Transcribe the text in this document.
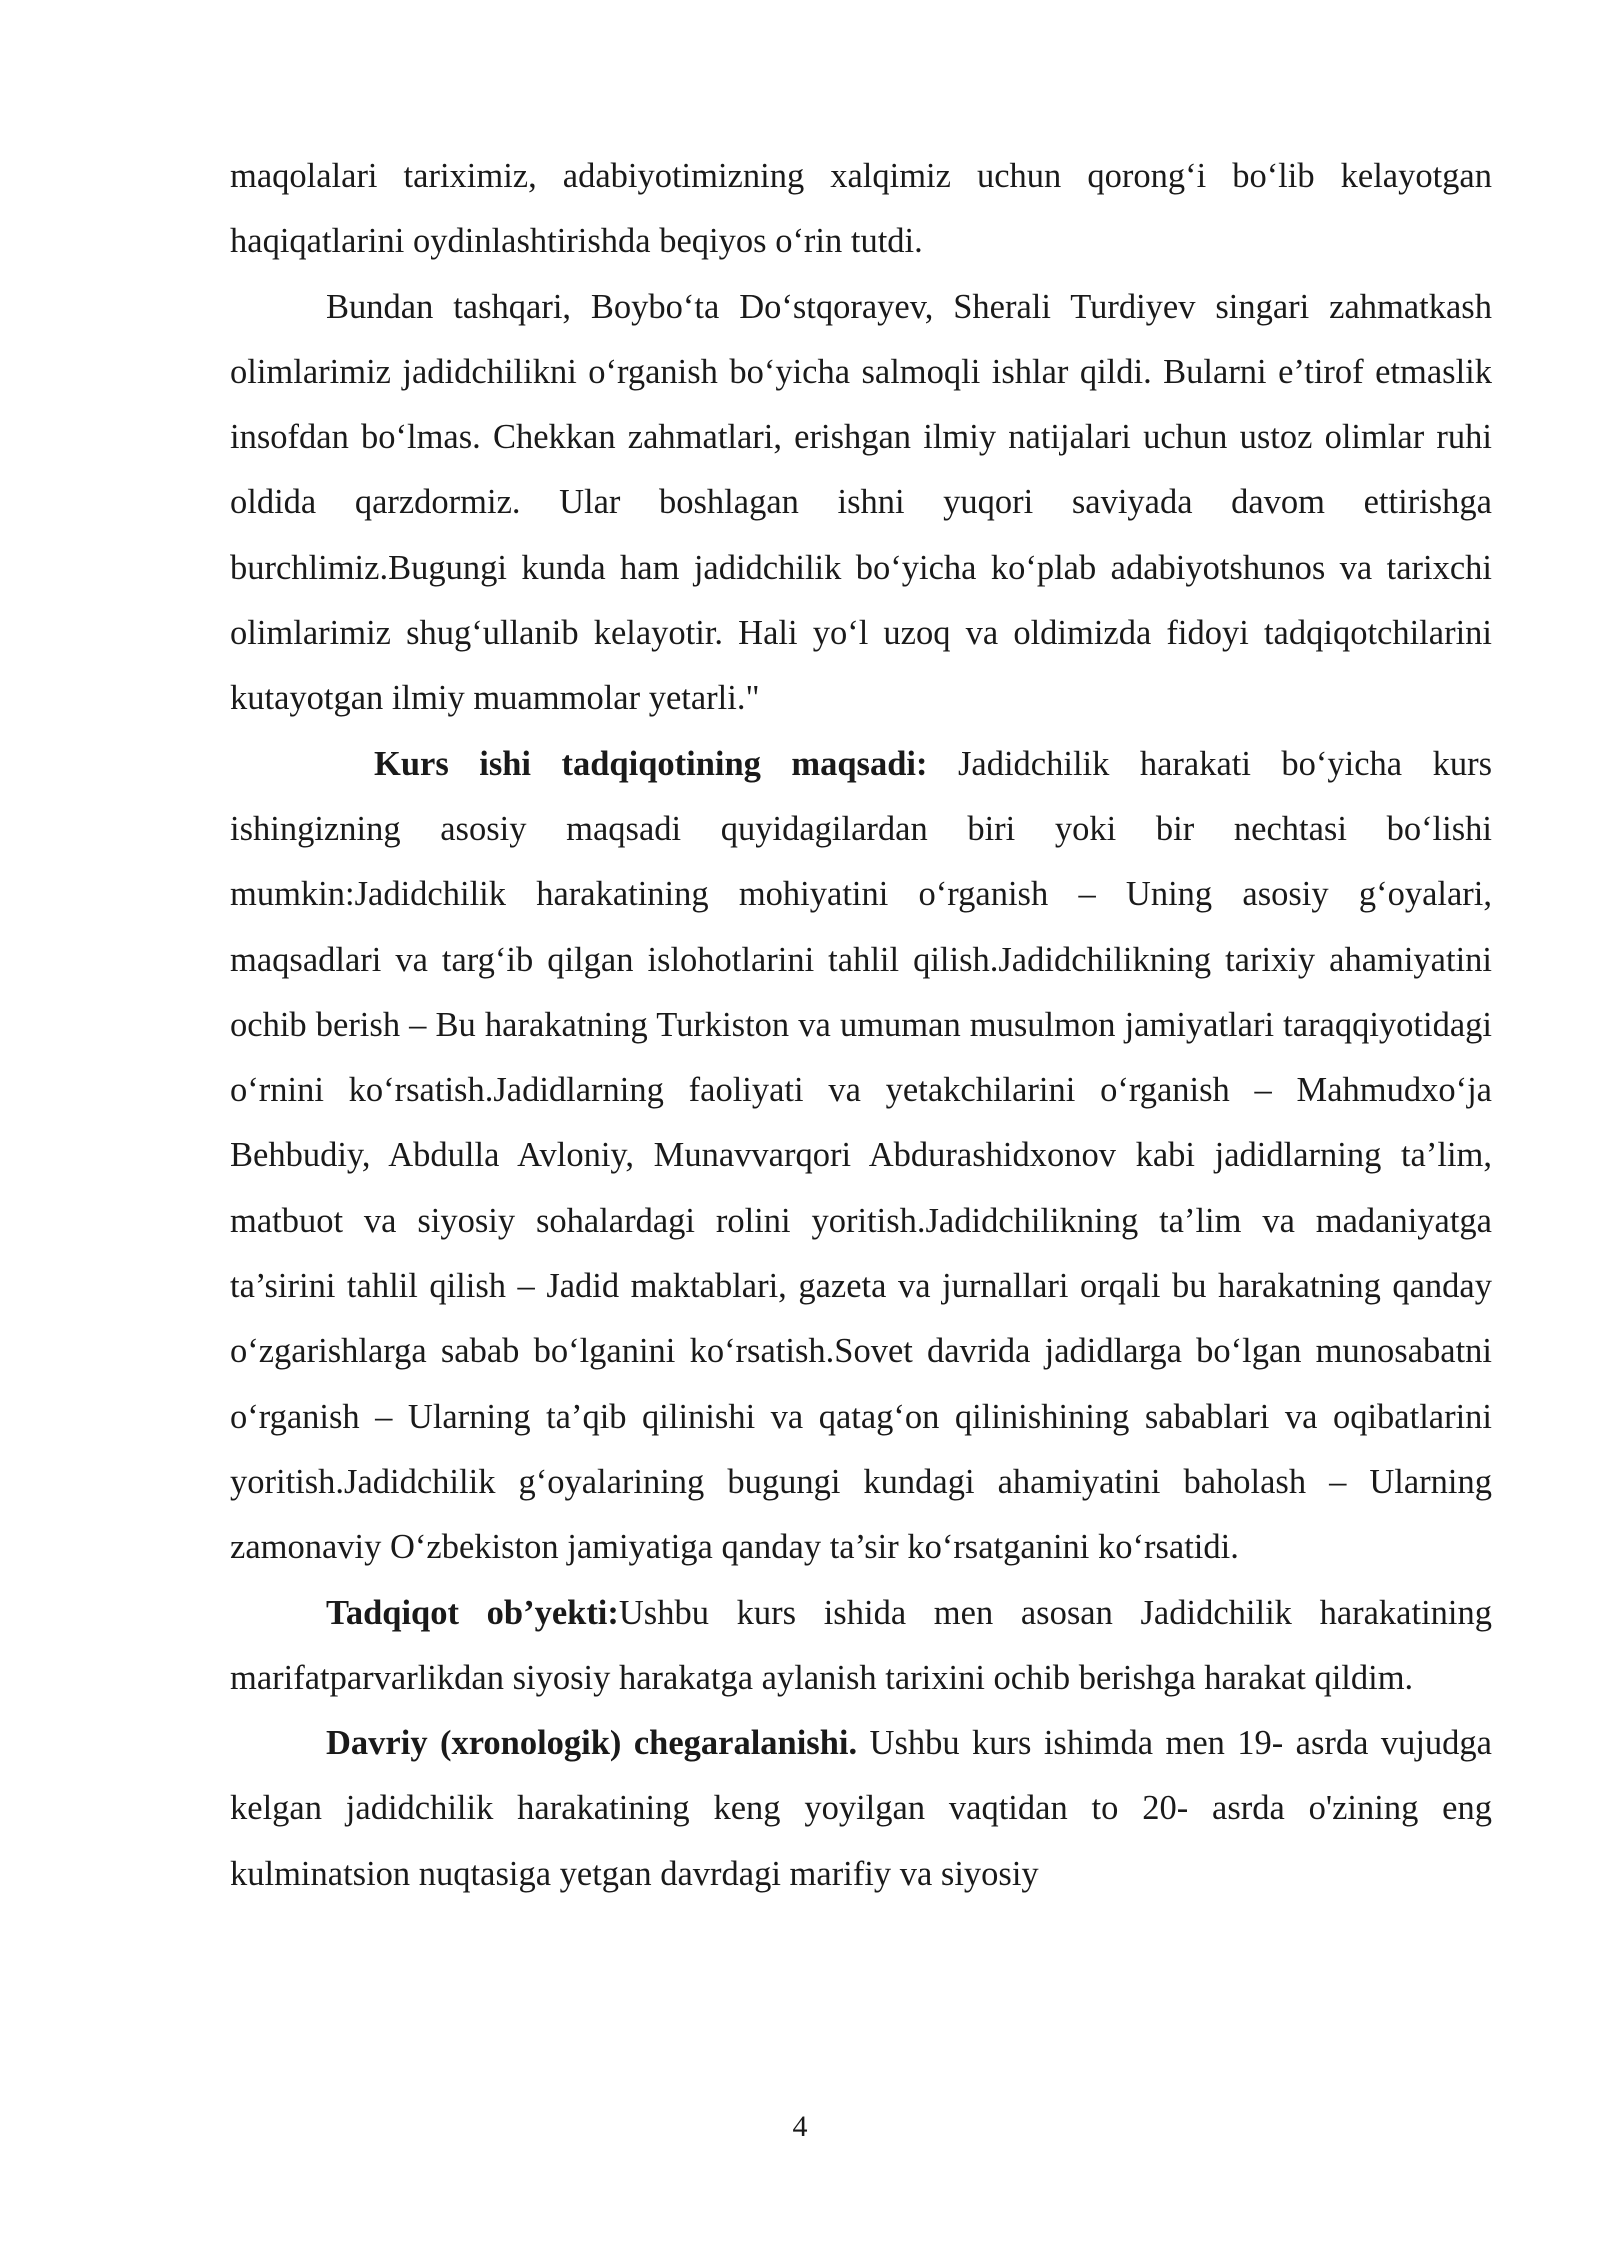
maqolalari tariximiz, adabiyotimizning xalqimiz uchun qorong‘i bo‘lib kelayotgan haqiqatlarini oydinlashtirishda beqiyos o‘rin tutdi.

Bundan tashqari, Boybo‘ta Do‘stqorayev, Sherali Turdiyev singari zahmatkash olimlarimiz jadidchilikni o‘rganish bo‘yicha salmoqli ishlar qildi. Bularni e’tirof etmaslik insofdan bo‘lmas. Chekkan zahmatlari, erishgan ilmiy natijalari uchun ustoz olimlar ruhi oldida qarzdormiz. Ular boshlagan ishni yuqori saviyada davom ettirishga burchlimiz.Bugungi kunda ham jadidchilik bo‘yicha ko‘plab adabiyotshunos va tarixchi olimlarimiz shug‘ullanib kelayotir. Hali yo‘l uzoq va oldimizda fidoyi tadqiqotchilarini kutayotgan ilmiy muammolar yetarli."

Kurs ishi tadqiqotining maqsadi: Jadidchilik harakati bo‘yicha kurs ishingizning asosiy maqsadi quyidagilardan biri yoki bir nechtasi bo‘lishi mumkin:Jadidchilik harakatining mohiyatini o‘rganish – Uning asosiy g‘oyalari, maqsadlari va targ‘ib qilgan islohotlarini tahlil qilish.Jadidchilikning tarixiy ahamiyatini ochib berish – Bu harakatning Turkiston va umuman musulmon jamiyatlari taraqqiyotidagi o‘rnini ko‘rsatish.Jadidlarning faoliyati va yetakchilarini o‘rganish – Mahmudxo‘ja Behbudiy, Abdulla Avloniy, Munavvarqori Abdurashidxonov kabi jadidlarning ta’lim, matbuot va siyosiy sohalardagi rolini yoritish.Jadidchilikning ta’lim va madaniyatga ta’sirini tahlil qilish – Jadid maktablari, gazeta va jurnallari orqali bu harakatning qanday o‘zgarishlarga sabab bo‘lganini ko‘rsatish.Sovet davrida jadidlarga bo‘lgan munosabatni o‘rganish – Ularning ta’qib qilinishi va qatag‘on qilinishining sabablari va oqibatlarini yoritish.Jadidchilik g‘oyalarining bugungi kundagi ahamiyatini baholash – Ularning zamonaviy O‘zbekiston jamiyatiga qanday ta’sir ko‘rsatganini ko‘rsatidi.

Tadqiqot ob’yekti:Ushbu kurs ishida men asosan Jadidchilik harakatining marifatparvarlikdan siyosiy harakatga aylanish tarixini ochib berishga harakat qildim.

Davriy (xronologik) chegaralanishi. Ushbu kurs ishimda men 19- asrda vujudga kelgan jadidchilik harakatining keng yoyilgan vaqtidan to 20- asrda o'zining eng kulminatsion nuqtasiga yetgan davrdagi marifiy va siyosiy

4
